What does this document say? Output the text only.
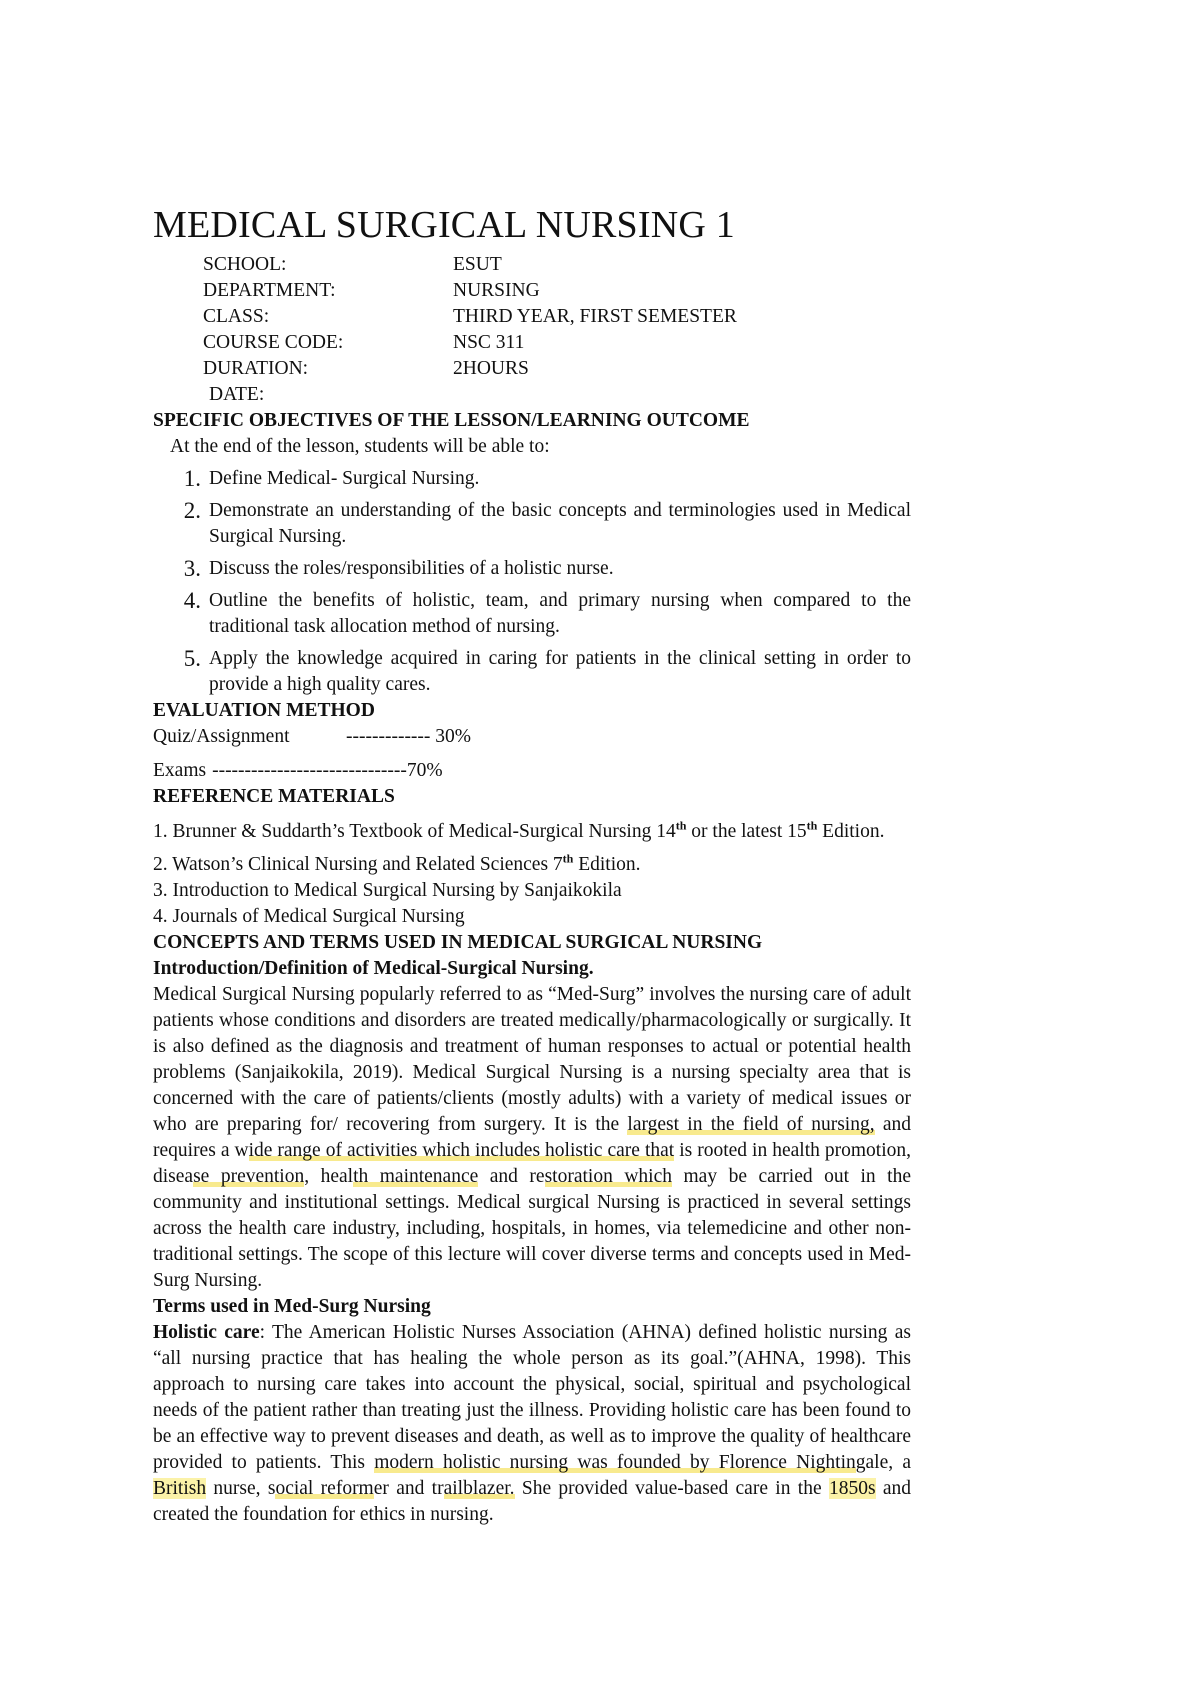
MEDICAL SURGICAL NURSING 1
SCHOOL:	ESUT
DEPARTMENT:	NURSING
CLASS:	THIRD YEAR, FIRST SEMESTER
COURSE CODE:	NSC 311
DURATION:	2HOURS
DATE:
SPECIFIC OBJECTIVES OF THE LESSON/LEARNING OUTCOME
At the end of the lesson, students will be able to:
1. Define Medical- Surgical Nursing.
2. Demonstrate an understanding of the basic concepts and terminologies used in Medical Surgical Nursing.
3. Discuss the roles/responsibilities of a holistic nurse.
4. Outline the benefits of holistic, team, and primary nursing when compared to the traditional task allocation method of nursing.
5. Apply the knowledge acquired in caring for patients in the clinical setting in order to provide a high quality cares.
EVALUATION METHOD
Quiz/Assignment	------------- 30%
Exams ------------------------------70%
REFERENCE MATERIALS

1. Brunner & Suddarth’s Textbook of Medical-Surgical Nursing 14th or the latest 15th Edition.

2. Watson’s Clinical Nursing and Related Sciences 7th Edition.

3. Introduction to Medical Surgical Nursing by Sanjaikokila

4. Journals of Medical Surgical Nursing

CONCEPTS AND TERMS USED IN MEDICAL SURGICAL NURSING
Introduction/Definition of Medical-Surgical Nursing.

Medical Surgical Nursing popularly referred to as “Med-Surg” involves the nursing care of adult patients whose conditions and disorders are treated medically/pharmacologically or surgically. It is also defined as the diagnosis and treatment of human responses to actual or potential health problems (Sanjaikokila, 2019). Medical Surgical Nursing is a nursing specialty area that is concerned with the care of patients/clients (mostly adults) with a variety of medical issues or who are preparing for/ recovering from surgery. It is the largest in the field of nursing, and requires a wide range of activities which includes holistic care that is rooted in health promotion, disease prevention, health maintenance and restoration which may be carried out in the community and institutional settings. Medical surgical Nursing is practiced in several settings across the health care industry, including, hospitals, in homes, via telemedicine and other non- traditional settings. The scope of this lecture will cover diverse terms and concepts used in Med-Surg Nursing.

Terms used in Med-Surg Nursing

Holistic care: The American Holistic Nurses Association (AHNA) defined holistic nursing as “all nursing practice that has healing the whole person as its goal.”(AHNA, 1998). This approach to nursing care takes into account the physical, social, spiritual and psychological needs of the patient rather than treating just the illness. Providing holistic care has been found to be an effective way to prevent diseases and death, as well as to improve the quality of healthcare provided to patients. This modern holistic nursing was founded by Florence Nightingale, a British nurse, social reformer and trailblazer. She provided value-based care in the 1850s and created the foundation for ethics in nursing.
